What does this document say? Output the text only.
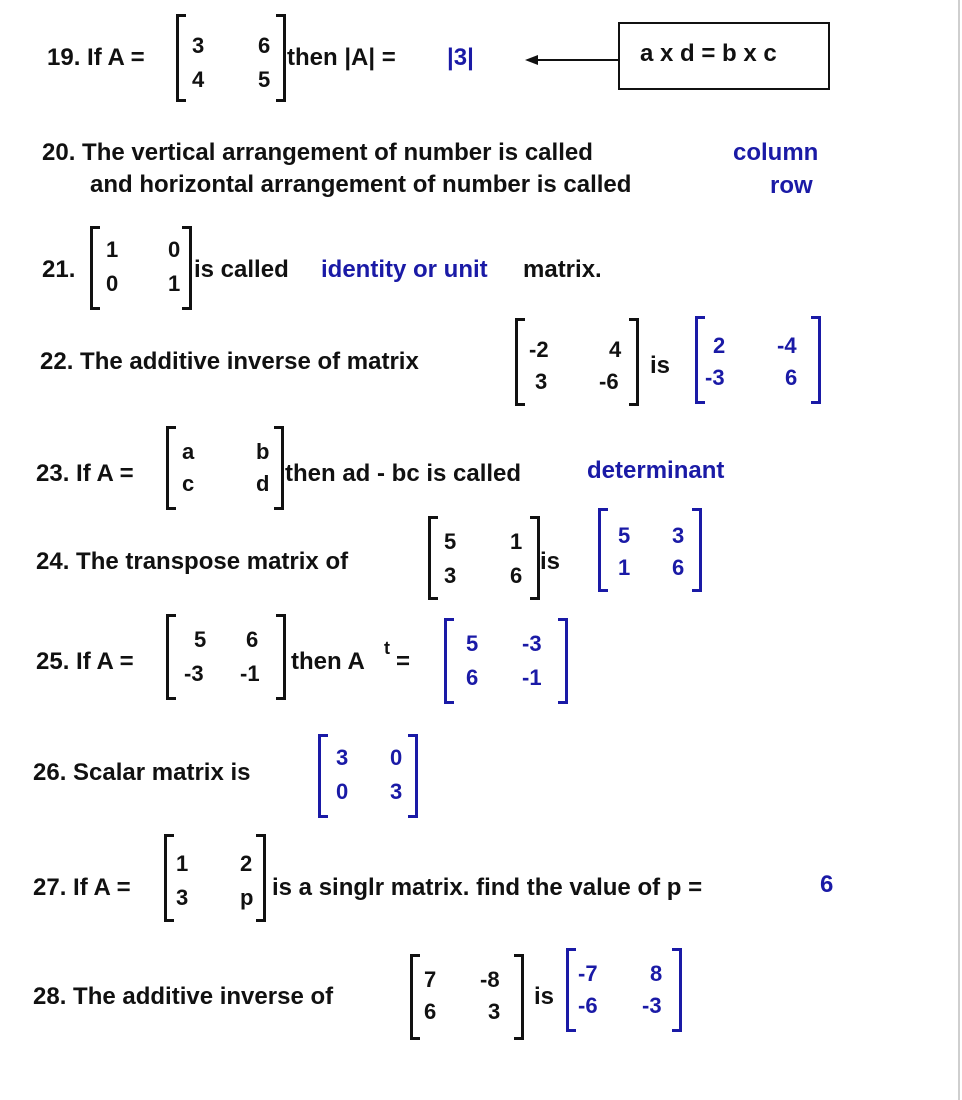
19. If A = 3 6
4 5
then |A| = |3|	a x d = b x c
20. The vertical arrangement of number is called	column
and horizontal arrangement of number is called	row
21.
1 0
0 1
is called identity or unit matrix.
22. The additive inverse of matrix	-2	4
3 -6
is
2 -4
-3	6
23. If A =
a	b
c	d then ad - bc is called	determinant
24. The transpose matrix of
5 1
3 6
is
5 3
1 6
25. If A =
5 6
-3 -1 then A t =
5 -3
6 -1
26. Scalar matrix is
3 0
0 3
27. If A =
1 2
3 p is a singlr matrix. find the value of p =	6
28. The additive inverse of
7 -8
6 3
is
-7 8
-6 -3
